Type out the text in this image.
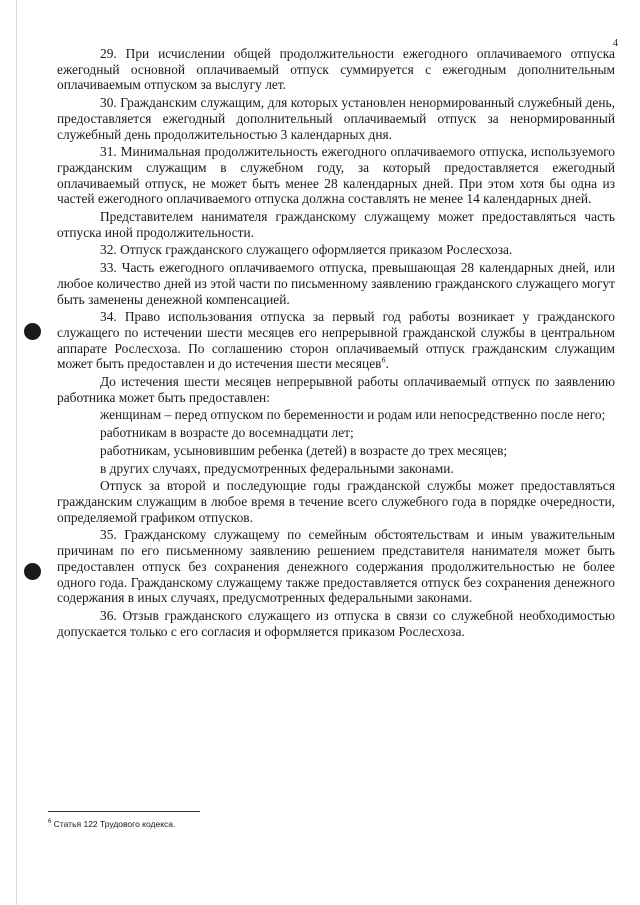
4

29. При исчислении общей продолжительности ежегодного оплачиваемого отпуска ежегодный основной оплачиваемый отпуск суммируется с ежегодным дополнительным оплачиваемым отпуском за выслугу лет.

30. Гражданским служащим, для которых установлен ненормированный служебный день, предоставляется ежегодный дополнительный оплачиваемый отпуск за ненормированный служебный день продолжительностью 3 календарных дня.

31. Минимальная продолжительность ежегодного оплачиваемого отпуска, используемого гражданским служащим в служебном году, за который предоставляется ежегодный оплачиваемый отпуск, не может быть менее 28 календарных дней. При этом хотя бы одна из частей ежегодного оплачиваемого отпуска должна составлять не менее 14 календарных дней.

Представителем нанимателя гражданскому служащему может предоставляться часть отпуска иной продолжительности.

32. Отпуск гражданского служащего оформляется приказом Рослесхоза.

33. Часть ежегодного оплачиваемого отпуска, превышающая 28 календарных дней, или любое количество дней из этой части по письменному заявлению гражданского служащего могут быть заменены денежной компенсацией.

34. Право использования отпуска за первый год работы возникает у гражданского служащего по истечении шести месяцев его непрерывной гражданской службы в центральном аппарате Рослесхоза. По соглашению сторон оплачиваемый отпуск гражданским служащим может быть предоставлен и до истечения шести месяцев$^6$.

До истечения шести месяцев непрерывной работы оплачиваемый отпуск по заявлению работника может быть предоставлен:

женщинам – перед отпуском по беременности и родам или непосредственно после него;

работникам в возрасте до восемнадцати лет;

работникам, усыновившим ребенка (детей) в возрасте до трех месяцев;

в других случаях, предусмотренных федеральными законами.

Отпуск за второй и последующие годы гражданской службы может предоставляться гражданским служащим в любое время в течение всего служебного года в порядке очередности, определяемой графиком отпусков.

35. Гражданскому служащему по семейным обстоятельствам и иным уважительным причинам по его письменному заявлению решением представителя нанимателя может быть предоставлен отпуск без сохранения денежного содержания продолжительностью не более одного года. Гражданскому служащему также предоставляется отпуск без сохранения денежного содержания в иных случаях, предусмотренных федеральными законами.

36. Отзыв гражданского служащего из отпуска в связи со служебной необходимостью допускается только с его согласия и оформляется приказом Рослесхоза.

$^6$ Статья 122 Трудового кодекса.
